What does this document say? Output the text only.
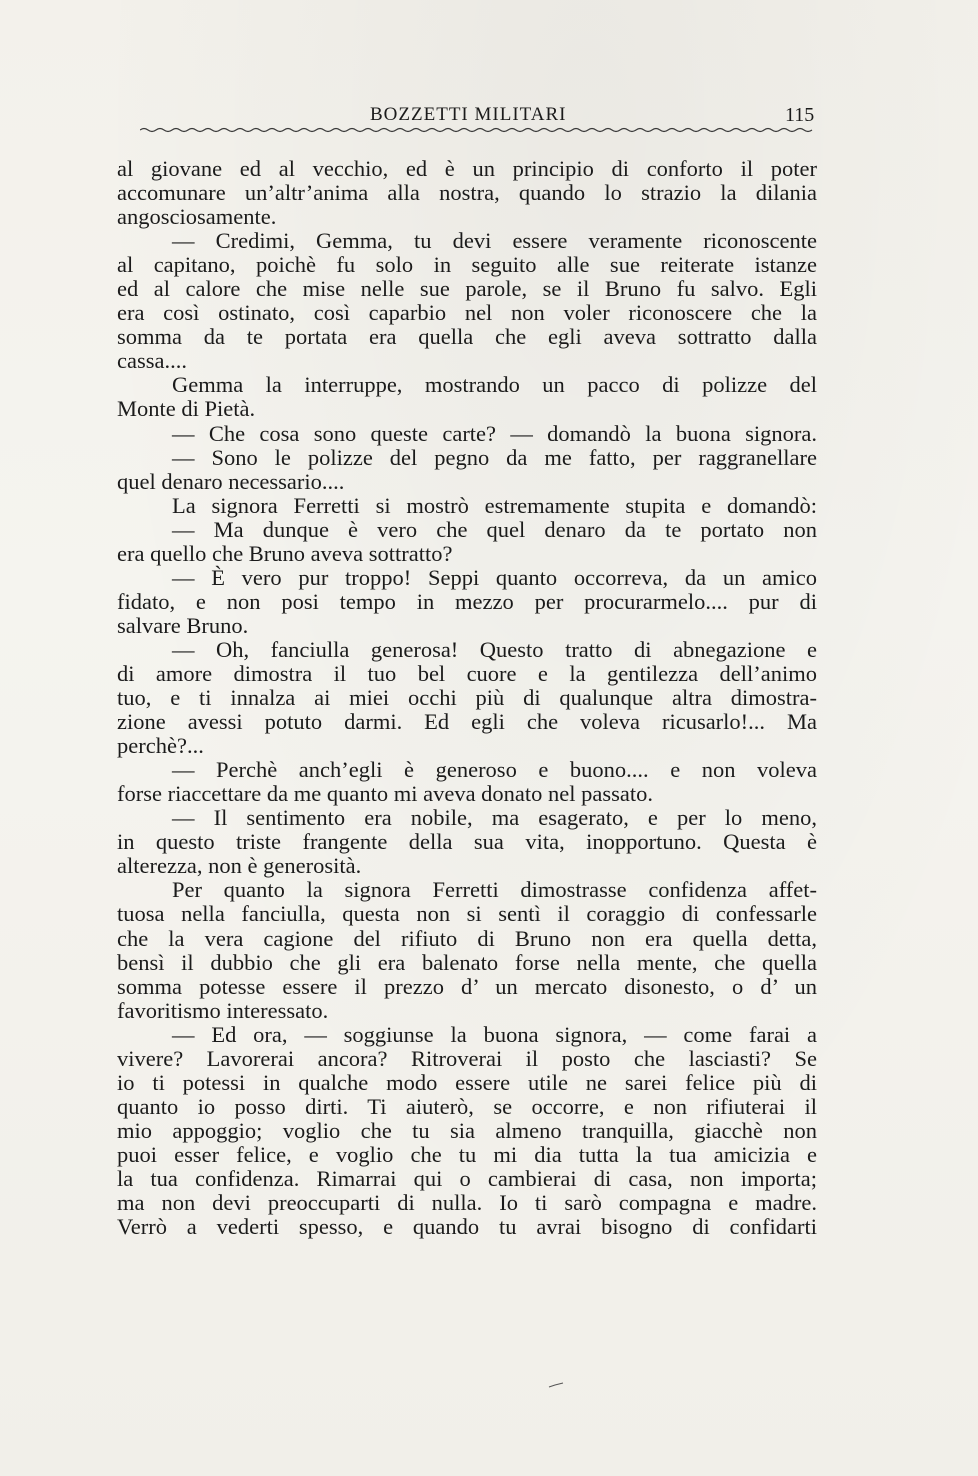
BOZZETTI MILITARI	115
al giovane ed al vecchio, ed è un principio di conforto il poter
accomunare un’altr’anima alla nostra, quando lo strazio la dilania
angosciosamente.
— Credimi, Gemma, tu devi essere veramente riconoscente
al capitano, poichè fu solo in seguito alle sue reiterate istanze
ed al calore che mise nelle sue parole, se il Bruno fu salvo. Egli
era così ostinato, così caparbio nel non voler riconoscere che la
somma da te portata era quella che egli aveva sottratto dalla
cassa....
Gemma la interruppe, mostrando un pacco di polizze del
Monte di Pietà.
— Che cosa sono queste carte? — domandò la buona signora.
— Sono le polizze del pegno da me fatto, per raggranellare
quel denaro necessario....
La signora Ferretti si mostrò estremamente stupita e domandò:
— Ma dunque è vero che quel denaro da te portato non
era quello che Bruno aveva sottratto?
— È vero pur troppo! Seppi quanto occorreva, da un amico
fidato, e non posi tempo in mezzo per procurarmelo.... pur di
salvare Bruno.
— Oh, fanciulla generosa! Questo tratto di abnegazione e
di amore dimostra il tuo bel cuore e la gentilezza dell’animo
tuo, e ti innalza ai miei occhi più di qualunque altra dimostra-
zione avessi potuto darmi. Ed egli che voleva ricusarlo!... Ma
perchè?...
— Perchè anch’egli è generoso e buono.... e non voleva
forse riaccettare da me quanto mi aveva donato nel passato.
— Il sentimento era nobile, ma esagerato, e per lo meno,
in questo triste frangente della sua vita, inopportuno. Questa è
alterezza, non è generosità.
Per quanto la signora Ferretti dimostrasse confidenza affet-
tuosa nella fanciulla, questa non si sentì il coraggio di confessarle
che la vera cagione del rifiuto di Bruno non era quella detta,
bensì il dubbio che gli era balenato forse nella mente, che quella
somma potesse essere il prezzo d’ un mercato disonesto, o d’ un
favoritismo interessato.
— Ed ora, — soggiunse la buona signora, — come farai a
vivere? Lavorerai ancora? Ritroverai il posto che lasciasti? Se
io ti potessi in qualche modo essere utile ne sarei felice più di
quanto io posso dirti. Ti aiuterò, se occorre, e non rifiuterai il
mio appoggio; voglio che tu sia almeno tranquilla, giacchè non
puoi esser felice, e voglio che tu mi dia tutta la tua amicizia e
la tua confidenza. Rimarrai qui o cambierai di casa, non importa;
ma non devi preoccuparti di nulla. Io ti sarò compagna e madre.
Verrò a vederti spesso, e quando tu avrai bisogno di confidarti
